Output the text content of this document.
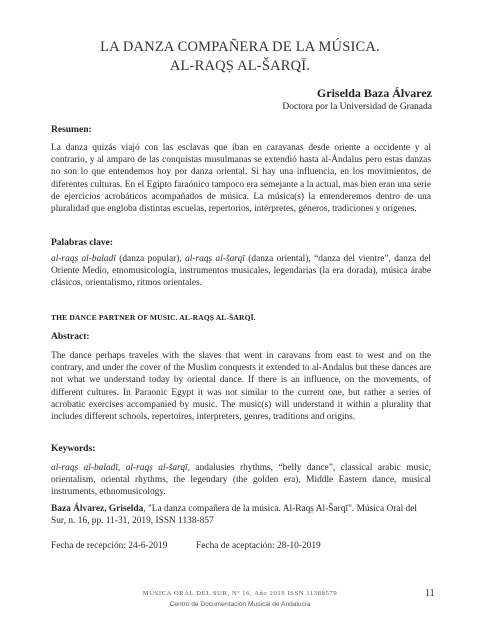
LA DANZA COMPAÑERA DE LA MÚSICA.
AL-RAQṢ AL-ŠARQĪ.
Griselda Baza Álvarez
Doctora por la Universidad de Granada
Resumen:
La danza quizás viajó con las esclavas que iban en caravanas desde oriente a occidente y al contrario, y al amparo de las conquistas musulmanas se extendió hasta al-Ándalus pero estas danzas no son lo que entendemos hoy por danza oriental. Si hay una influencia, en los movimientos, de diferentes culturas. En el Egipto faraónico tampoco era semejante a la actual, mas bien eran una serie de ejercicios acrobáticos acompañados de música. La música(s) la entenderemos dentro de una pluralidad que engloba distintas escuelas, repertorios, intérpretes, géneros, tradiciones y orígenes.
Palabras clave:
al-raqṣ al-baladī (danza popular), al-raqṣ al-šarqī (danza oriental), “danza del vientre”, danza del Oriente Medio, etnomusicología, instrumentos musicales, legendarias (la era dorada), música árabe clásicos, orientalismo, ritmos orientales.
THE DANCE PARTNER OF MUSIC. AL-RAQṢ AL-ŠARQĪ.
Abstract:
The dance perhaps traveles with the slaves that went in caravans from east to west and on the contrary, and under the cover of the Muslim conquests it extended to al-Andalus but these dances are not what we understand today by oriental dance. If there is an influence, on the movements, of different cultures. In Paraonic Egypt it was not similar to the current one, but rather a series of acrobatic exercises accompanied by music. The music(s) will understand it within a plurality that includes different schools, repertoires, interpreters, genres, traditions and origins.
Keywords:
al-raqṣ al-baladī, al-raqṣ al-šarqī, andalusies rhythms, “belly dance”, classical arabic music, orientalism, oriental rhythms, the legendary (the golden era), Middle Eastern dance, musical instruments, ethnomusicology.
Baza Álvarez, Griselda, "La danza compañera de la música. Al-Raqṣ Al-Šarqī". Música Oral del Sur, n. 16, pp. 11-31, 2019, ISSN 1138-857
Fecha de recepción: 24-6-2019	Fecha de aceptación: 28-10-2019
MÚSICA ORAL DEL SUR, Nº 16, Año 2019 ISSN 11388579
Centro de Documentación Musical de Andalucía
11
